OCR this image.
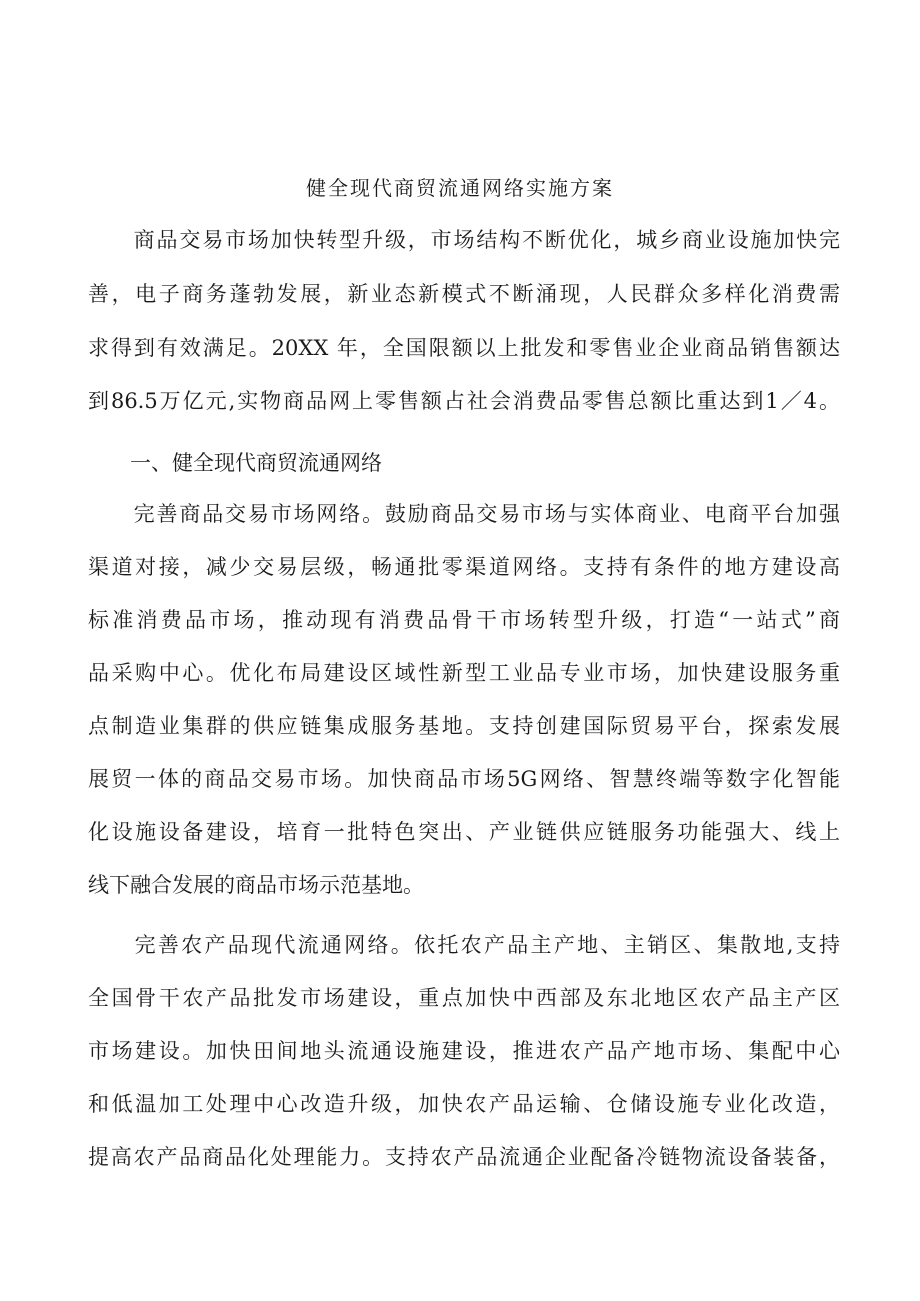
健全现代商贸流通网络实施方案
　　商品交易市场加快转型升级，市场结构不断优化，城乡商业设施加快完
善，电子商务蓬勃发展，新业态新模式不断涌现，人民群众多样化消费需
求得到有效满足。20XX 年，全国限额以上批发和零售业企业商品销售额达
到86.5万亿元,实物商品网上零售额占社会消费品零售总额比重达到1／4。
　　一、健全现代商贸流通网络
　　完善商品交易市场网络。鼓励商品交易市场与实体商业、电商平台加强
渠道对接，减少交易层级，畅通批零渠道网络。支持有条件的地方建设高
标准消费品市场，推动现有消费品骨干市场转型升级，打造“一站式”商
品采购中心。优化布局建设区域性新型工业品专业市场，加快建设服务重
点制造业集群的供应链集成服务基地。支持创建国际贸易平台，探索发展
展贸一体的商品交易市场。加快商品市场5G网络、智慧终端等数字化智能
化设施设备建设，培育一批特色突出、产业链供应链服务功能强大、线上
线下融合发展的商品市场示范基地。
　　完善农产品现代流通网络。依托农产品主产地、主销区、集散地,支持
全国骨干农产品批发市场建设，重点加快中西部及东北地区农产品主产区
市场建设。加快田间地头流通设施建设，推进农产品产地市场、集配中心
和低温加工处理中心改造升级，加快农产品运输、仓储设施专业化改造，
提高农产品商品化处理能力。支持农产品流通企业配备冷链物流设备装备，
